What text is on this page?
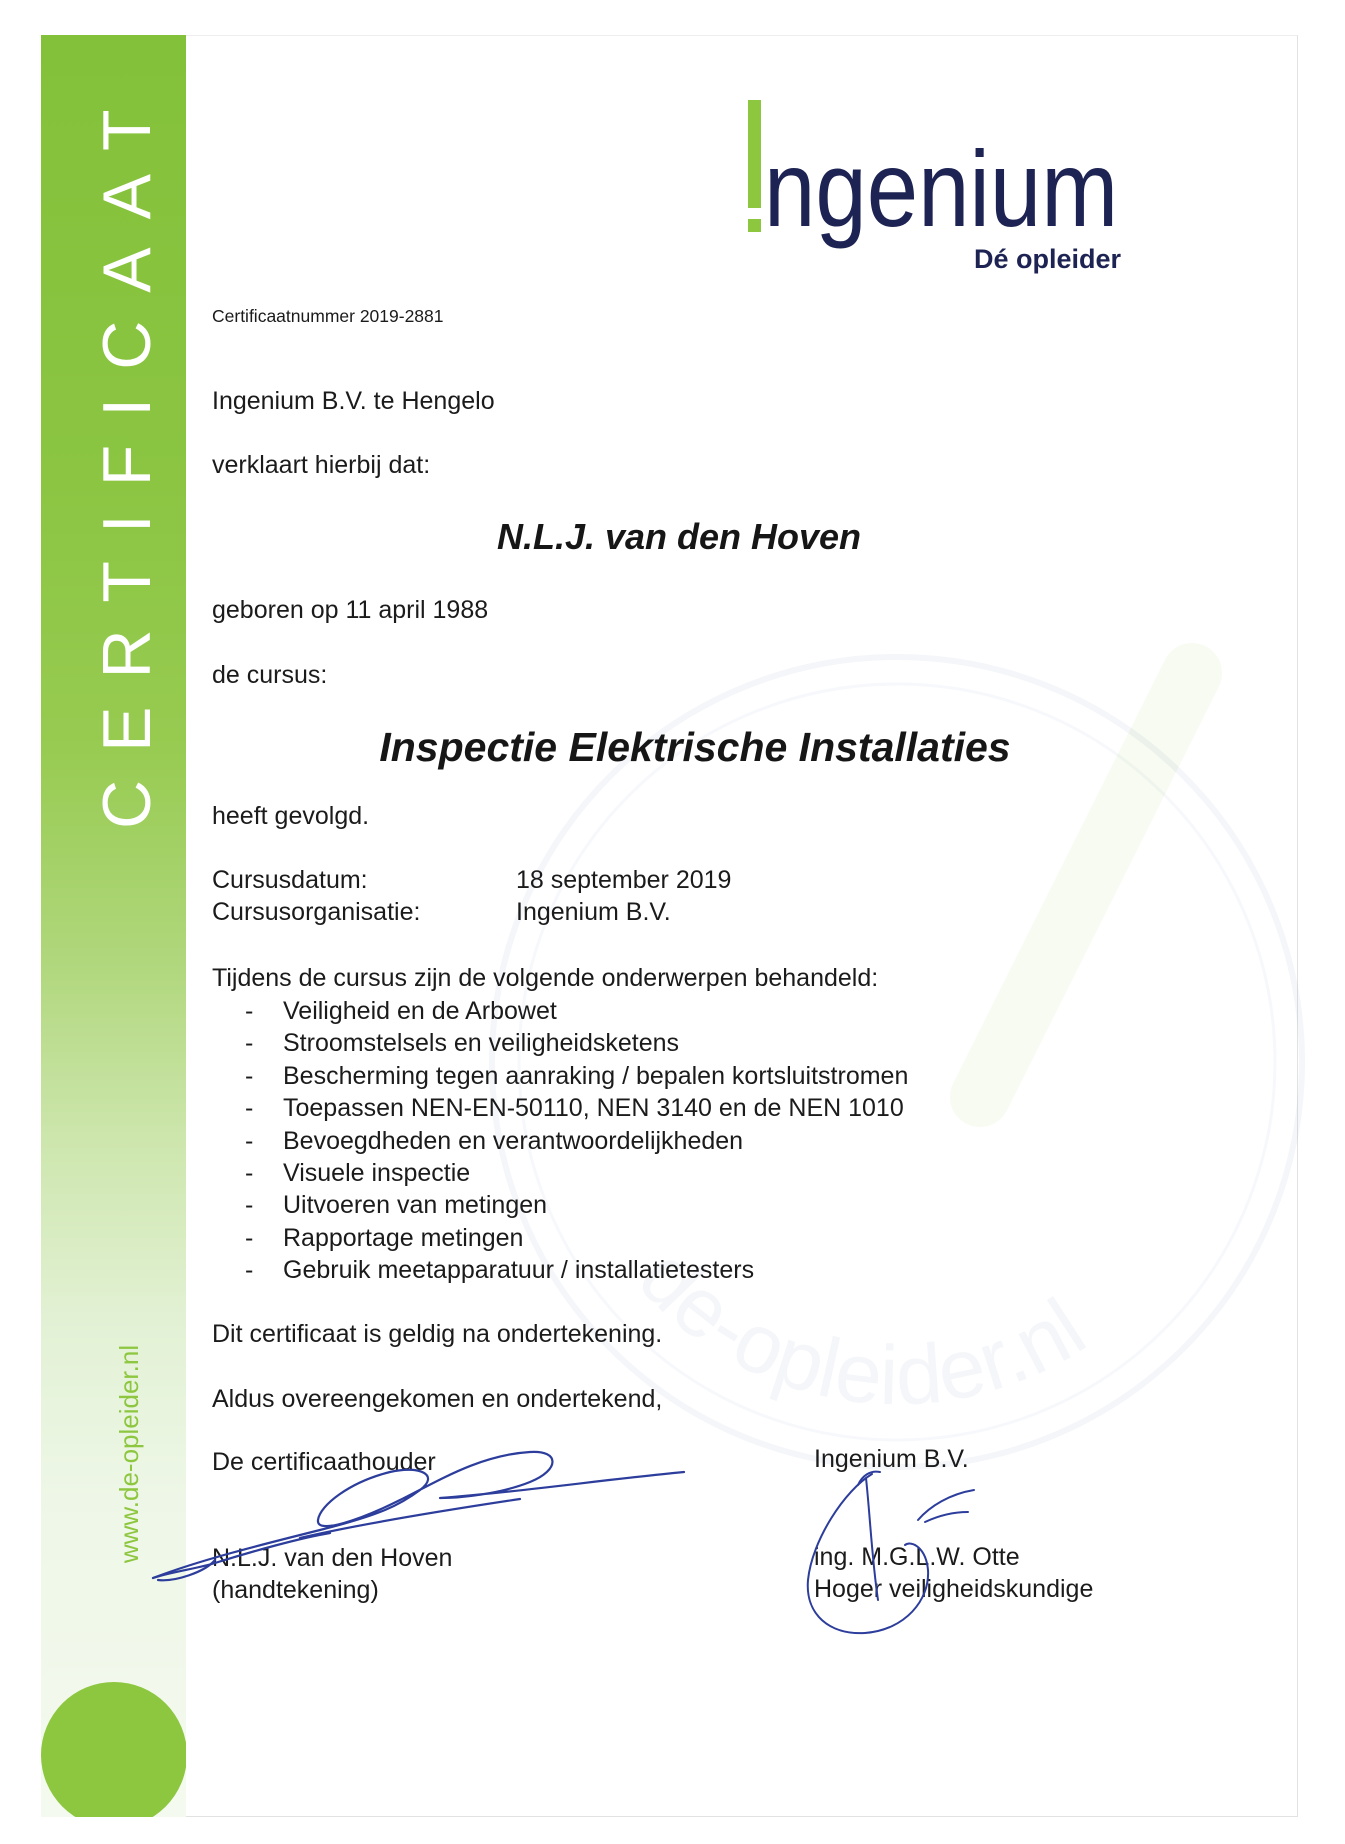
de-opleider.nl
CERTIFICAAT
www.de-opleider.nl
ngenium
Dé opleider
Certificaatnummer 2019-2881
Ingenium B.V. te Hengelo
verklaart hierbij dat:
N.L.J. van den Hoven
geboren op 11 april 1988
de cursus:
Inspectie Elektrische Installaties
heeft gevolgd.
Cursusdatum:	18 september 2019
Cursusorganisatie:	Ingenium B.V.
Tijdens de cursus zijn de volgende onderwerpen behandeld:
- Veiligheid en de Arbowet
- Stroomstelsels en veiligheidsketens
- Bescherming tegen aanraking / bepalen kortsluitstromen
- Toepassen NEN-EN-50110, NEN 3140 en de NEN 1010
- Bevoegdheden en verantwoordelijkheden
- Visuele inspectie
- Uitvoeren van metingen
- Rapportage metingen
- Gebruik meetapparatuur / installatietesters
Dit certificaat is geldig na ondertekening.
Aldus overeengekomen en ondertekend,
De certificaathouder
N.L.J. van den Hoven
(handtekening)
Ingenium B.V.
ing. M.G.L.W. Otte
Hoger veiligheidskundige
